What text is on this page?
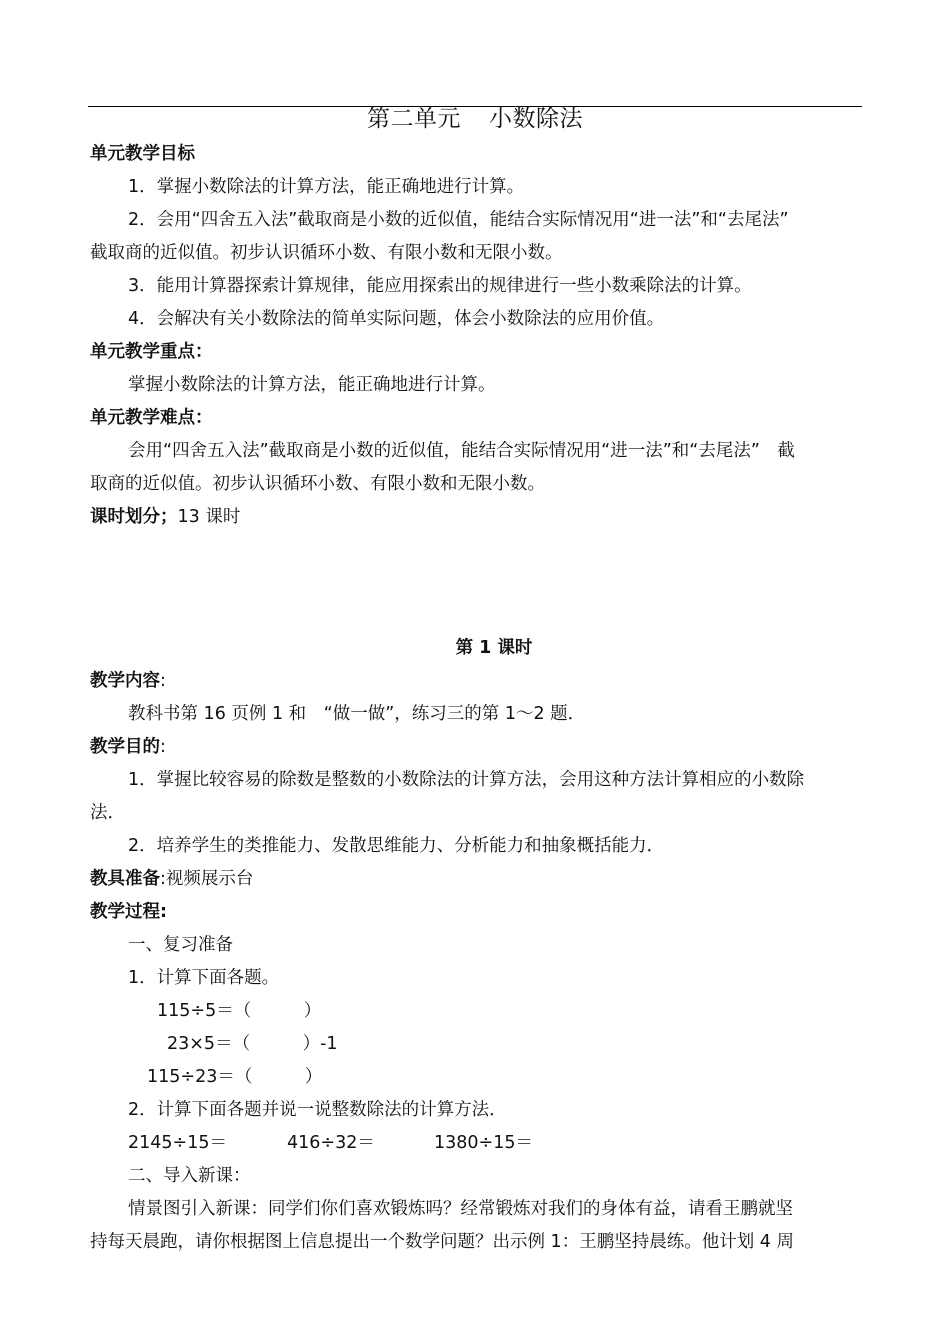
第二单元 小数除法
单元教学目标
1．掌握小数除法的计算方法，能正确地进行计算。
2．会用“四舍五入法”截取商是小数的近似值，能结合实际情况用“进一法”和“去尾法”
截取商的近似值。初步认识循环小数、有限小数和无限小数。
3．能用计算器探索计算规律，能应用探索出的规律进行一些小数乘除法的计算。
4．会解决有关小数除法的简单实际问题，体会小数除法的应用价值。
单元教学重点：
掌握小数除法的计算方法，能正确地进行计算。
单元教学难点：
会用“四舍五入法”截取商是小数的近似值，能结合实际情况用“进一法”和“去尾法”　截
取商的近似值。初步认识循环小数、有限小数和无限小数。
课时划分；13 课时
第 1 课时
教学内容:
教科书第 16 页例 1 和　“做一做”，练习三的第 1～2 题．
教学目的:
1．掌握比较容易的除数是整数的小数除法的计算方法，会用这种方法计算相应的小数除
法．
2．培养学生的类推能力、发散思维能力、分析能力和抽象概括能力．
教具准备:视频展示台
教学过程:
一、复习准备
1．计算下面各题。
115÷5＝（　　　）
23×5＝（　　　）-1
115÷23＝（　　　）
2．计算下面各题并说一说整数除法的计算方法．
2145÷15＝	416÷32＝	1380÷15＝
二、导入新课：
情景图引入新课：同学们你们喜欢锻炼吗？经常锻炼对我们的身体有益，请看王鹏就坚
持每天晨跑，请你根据图上信息提出一个数学问题？出示例 1：王鹏坚持晨练。他计划 4 周
